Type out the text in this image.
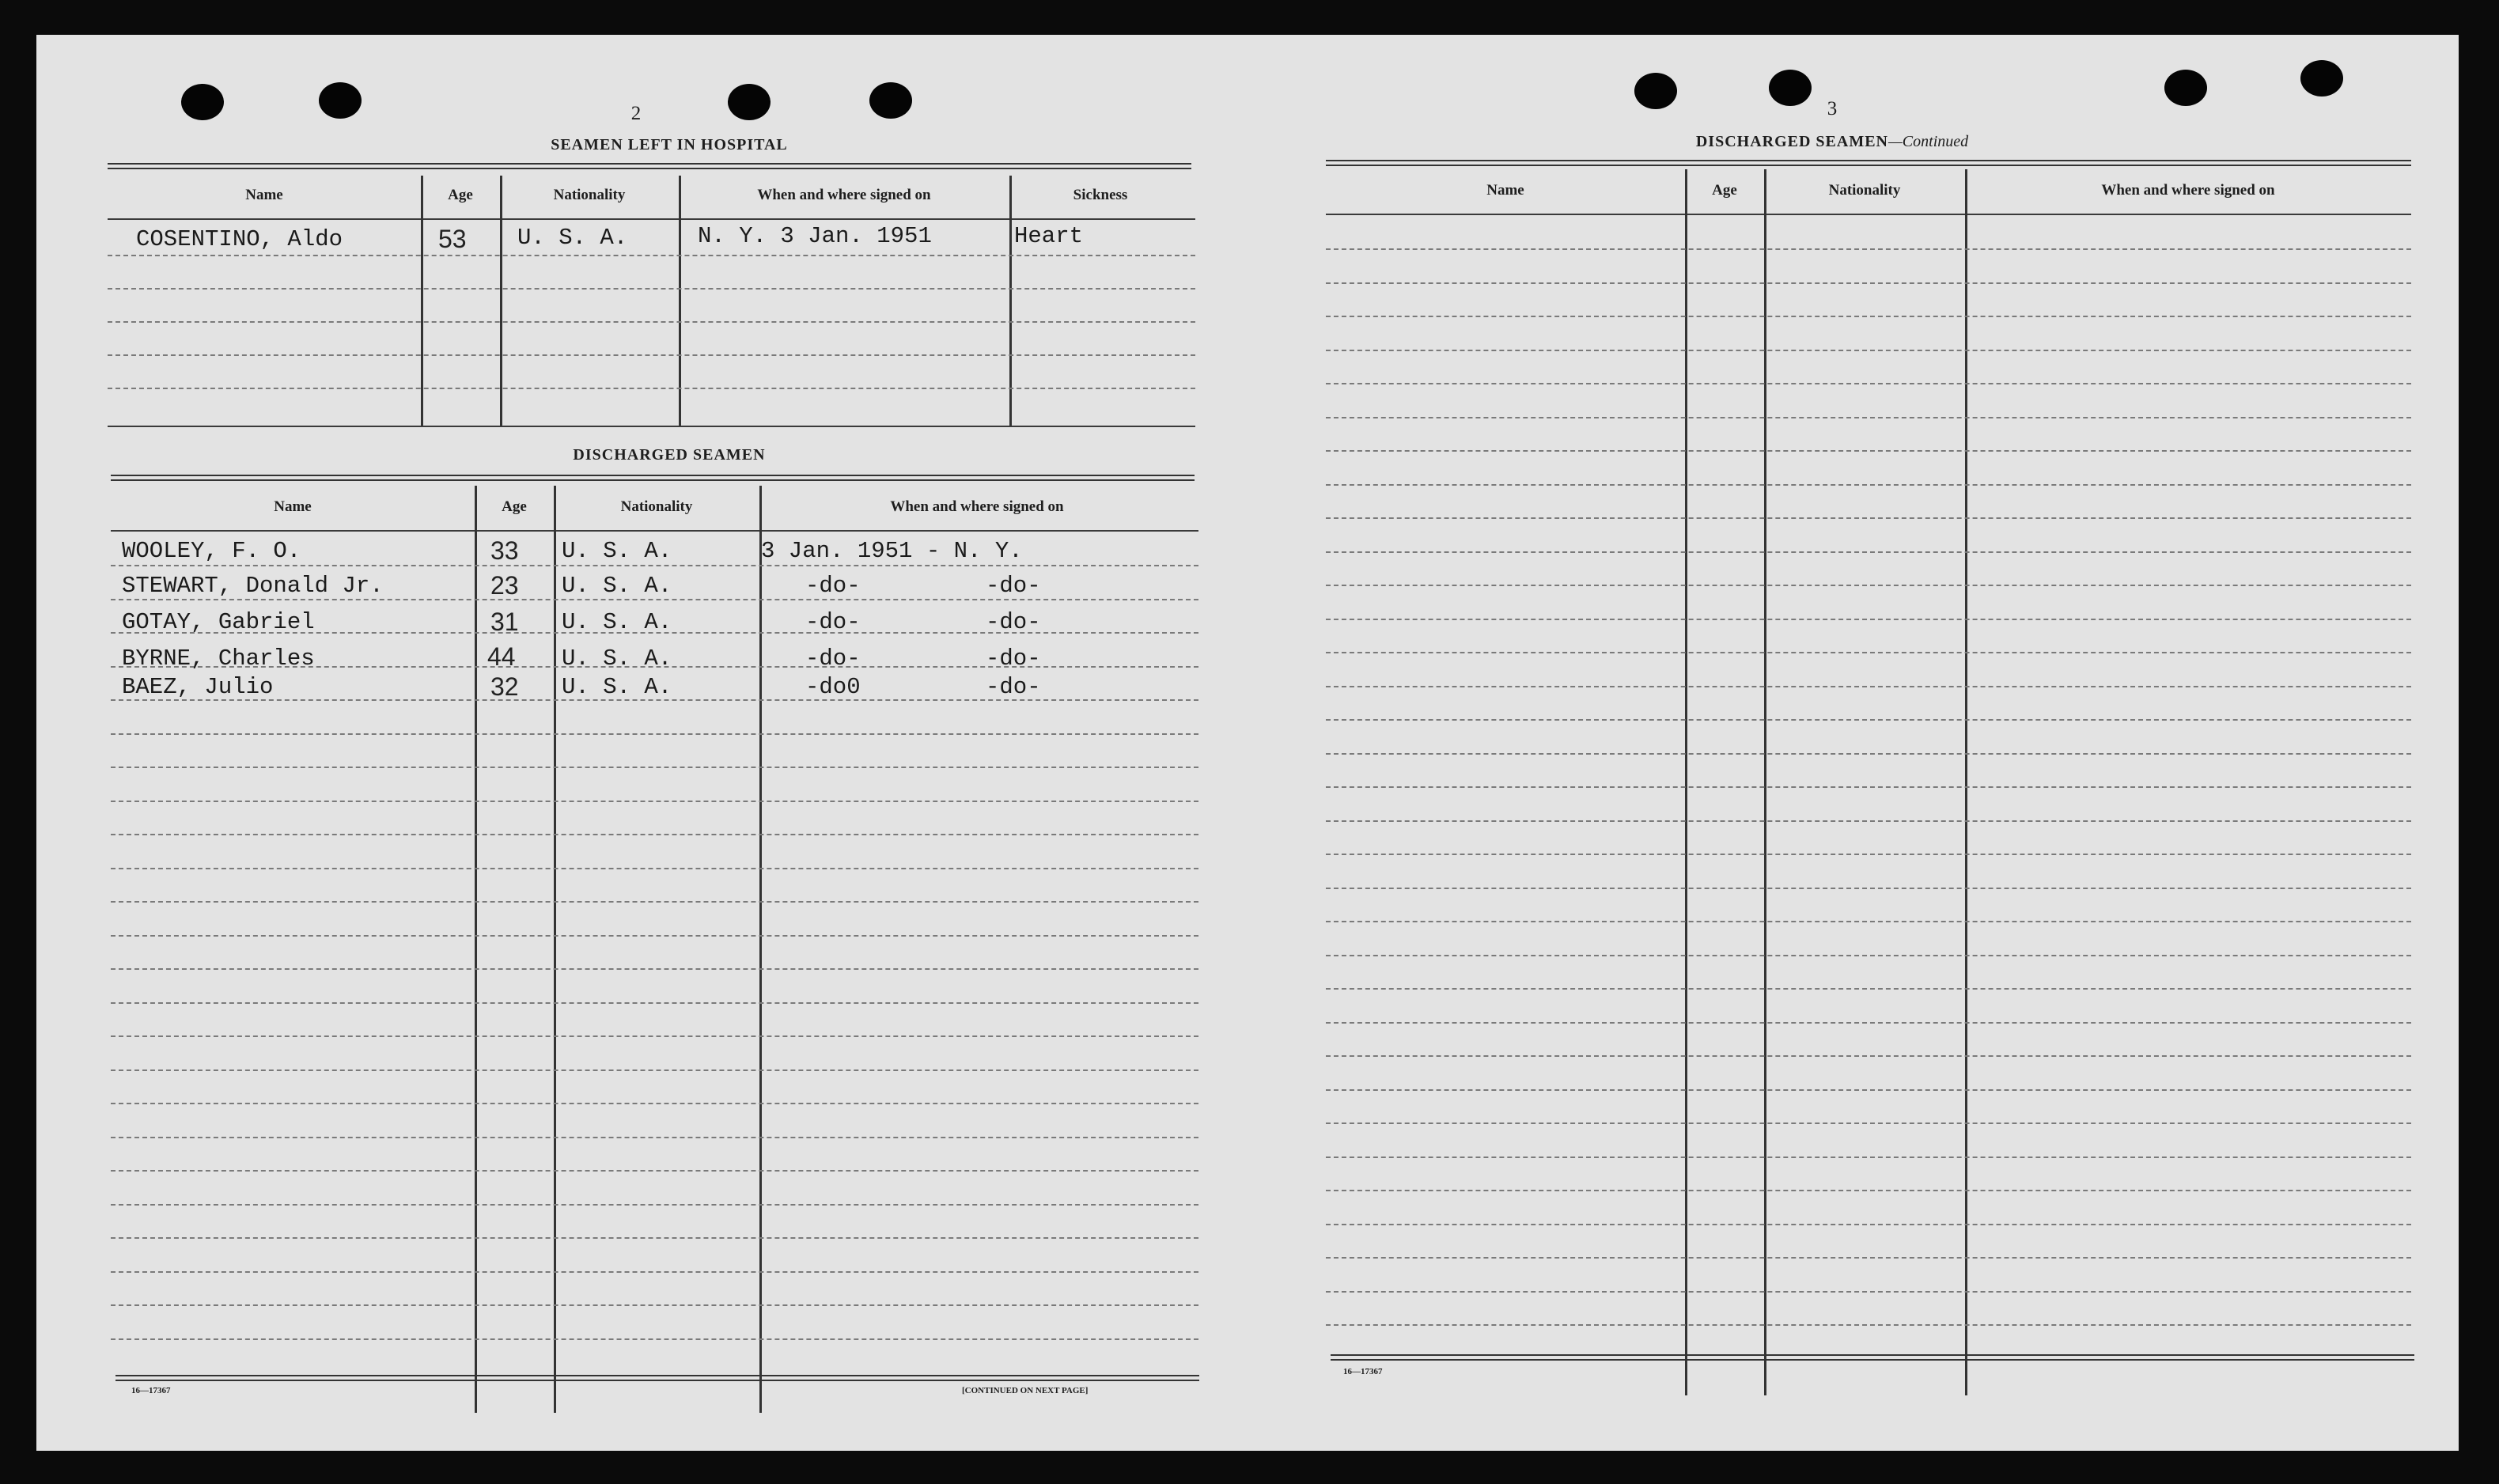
2
SEAMEN LEFT IN HOSPITAL
Name	Age	Nationality	When and where signed on	Sickness
COSENTINO, Aldo	53 U. S. A.	N. Y. 3 Jan. 1951	Heart
DISCHARGED SEAMEN
Name	Age	Nationality	When and where signed on
WOOLEY, F. O.	33 U. S. A.	3 Jan. 1951 - N. Y.
STEWART, Donald Jr.	23 U. S. A.	-do-	-do-
GOTAY, Gabriel	31 U. S. A.	-do-	-do-
BYRNE, Charles	44 U. S. A.	-do-	-do-
BAEZ, Julio	32 U. S. A.	-do0	-do-
16—17367	[CONTINUED ON NEXT PAGE]
3
DISCHARGED SEAMEN—Continued
Name	Age	Nationality	When and where signed on
16—17367
